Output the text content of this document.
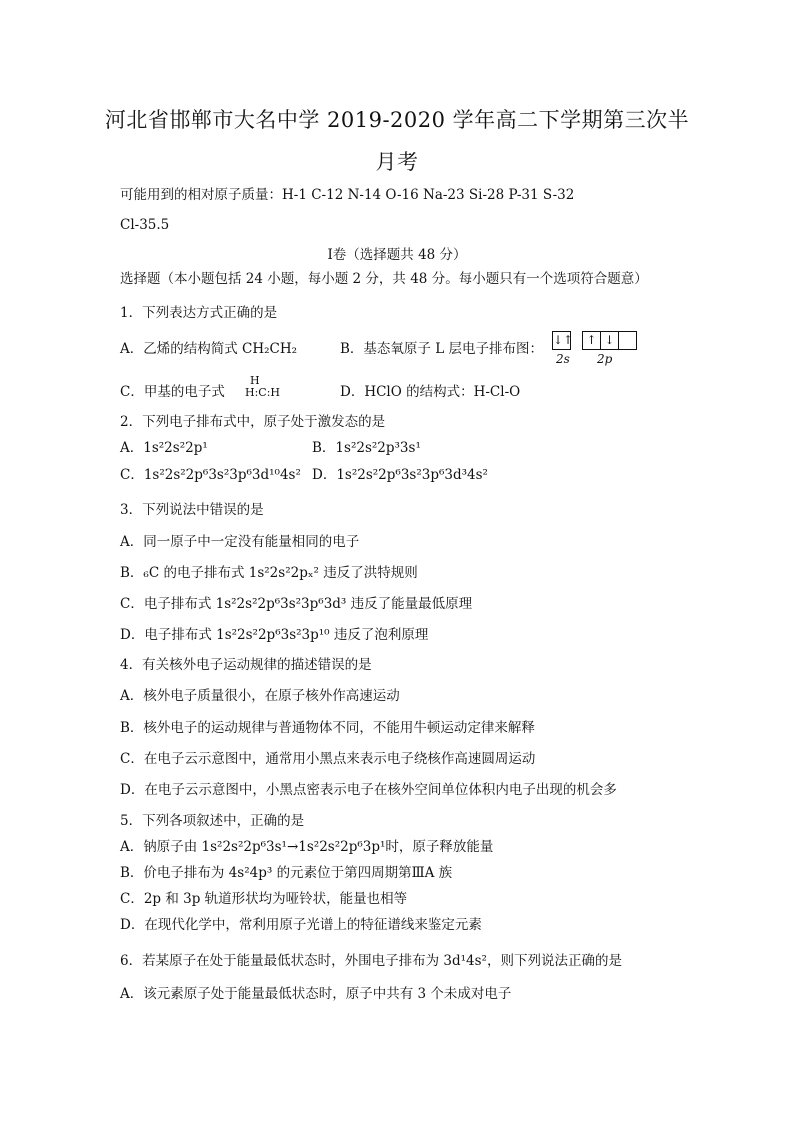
河北省邯郸市大名中学 2019-2020 学年高二下学期第三次半
月考
可能用到的相对原子质量：H-1 C-12 N-14 O-16 Na-23 Si-28 P-31 S-32
Cl-35.5
Ⅰ卷（选择题共 48 分）
选择题（本小题包括 24 小题，每小题 2 分，共 48 分。每小题只有一个选项符合题意）
1．下列表达方式正确的是
A．乙烯的结构简式 CH₂CH₂	B．基态氧原子 L 层电子排布图：
↓↑ ↑ ↓
2s 2p
C．甲基的电子式
H
H:C:H	D．HClO 的结构式：H-Cl-O
2．下列电子排布式中，原子处于激发态的是
A．1s²2s²2p¹	B．1s²2s²2p³3s¹
C．1s²2s²2p⁶3s²3p⁶3d¹⁰4s² D．1s²2s²2p⁶3s²3p⁶3d³4s²
3．下列说法中错误的是
A．同一原子中一定没有能量相同的电子
B．₆C 的电子排布式 1s²2s²2pₓ² 违反了洪特规则
C．电子排布式 1s²2s²2p⁶3s²3p⁶3d³ 违反了能量最低原理
D．电子排布式 1s²2s²2p⁶3s²3p¹⁰ 违反了泡利原理
4．有关核外电子运动规律的描述错误的是
A．核外电子质量很小，在原子核外作高速运动
B．核外电子的运动规律与普通物体不同，不能用牛顿运动定律来解释
C．在电子云示意图中，通常用小黑点来表示电子绕核作高速圆周运动
D．在电子云示意图中，小黑点密表示电子在核外空间单位体积内电子出现的机会多
5．下列各项叙述中，正确的是
A．钠原子由 1s²2s²2p⁶3s¹→1s²2s²2p⁶3p¹时，原子释放能量
B．价电子排布为 4s²4p³ 的元素位于第四周期第ⅢA 族
C．2p 和 3p 轨道形状均为哑铃状，能量也相等
D．在现代化学中，常利用原子光谱上的特征谱线来鉴定元素
6．若某原子在处于能量最低状态时，外围电子排布为 3d¹4s²，则下列说法正确的是
A．该元素原子处于能量最低状态时，原子中共有 3 个未成对电子
